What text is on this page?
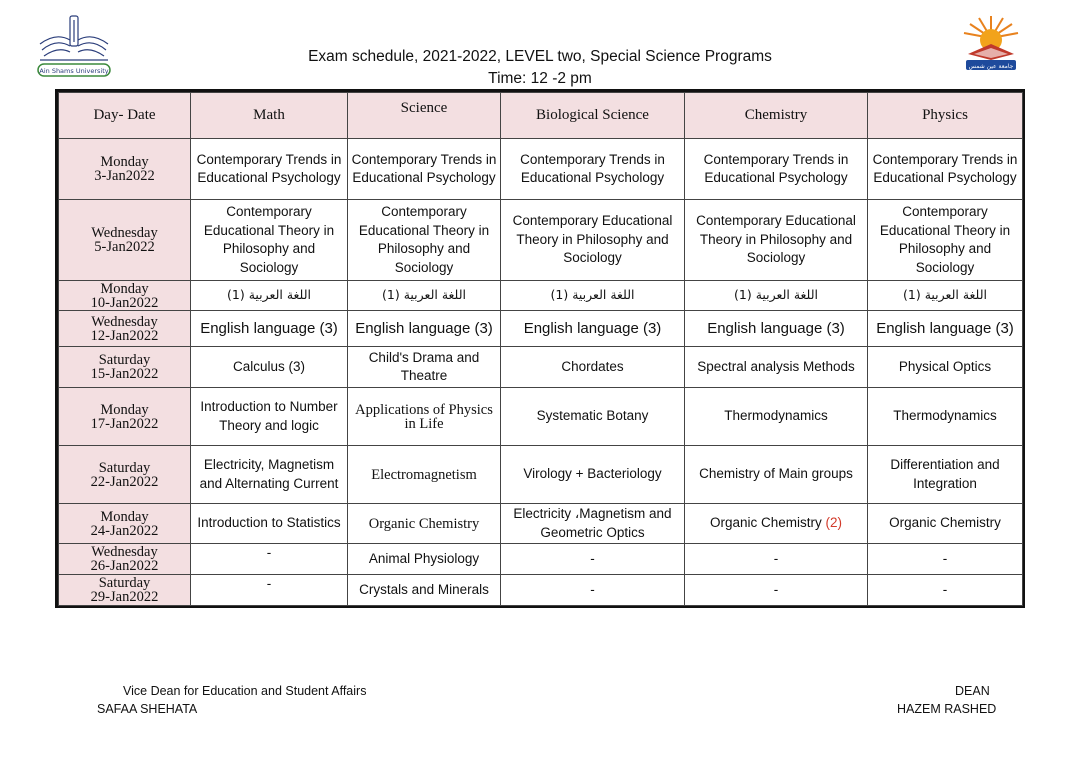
Ain Shams University
جامعة عين شمس
Exam schedule, 2021-2022, LEVEL two, Special Science Programs
Time: 12 -2 pm
Day- Date	Math	Science	Biological Science	Chemistry	Physics

Monday
3-Jan2022	Contemporary Trends in Educational Psychology	Contemporary Trends in Educational Psychology	Contemporary Trends in Educational Psychology	Contemporary Trends in Educational Psychology	Contemporary Trends in Educational Psychology

Wednesday
5-Jan2022	Contemporary Educational Theory in Philosophy and Sociology	Contemporary Educational Theory in Philosophy and Sociology	Contemporary Educational Theory in Philosophy and Sociology	Contemporary Educational Theory in Philosophy and Sociology	Contemporary Educational Theory in Philosophy and Sociology

Monday
10-Jan2022	اللغة العربية (1)	اللغة العربية (1)	اللغة العربية (1)	اللغة العربية (1)	اللغة العربية (1)

Wednesday
12-Jan2022	English language (3)	English language (3)	English language (3)	English language (3)	English language (3)

Saturday
15-Jan2022	Calculus (3)	Child's Drama and Theatre	Chordates	Spectral analysis Methods	Physical Optics

Monday
17-Jan2022	Introduction to Number Theory and logic	Applications of Physics in Life	Systematic Botany	Thermodynamics	Thermodynamics

Saturday
22-Jan2022	Electricity, Magnetism and Alternating Current	Electromagnetism	Virology + Bacteriology	Chemistry of Main groups	Differentiation and Integration

Monday
24-Jan2022	Introduction to Statistics	Organic Chemistry	Electricity ،Magnetism and Geometric Optics	Organic Chemistry (2)	Organic Chemistry

Wednesday
26-Jan2022	-	Animal Physiology	-	-	-

Saturday
29-Jan2022	-	Crystals and Minerals	-	-	-
Vice Dean for Education and Student Affairs
SAFAA SHEHATA
DEAN
HAZEM RASHED
